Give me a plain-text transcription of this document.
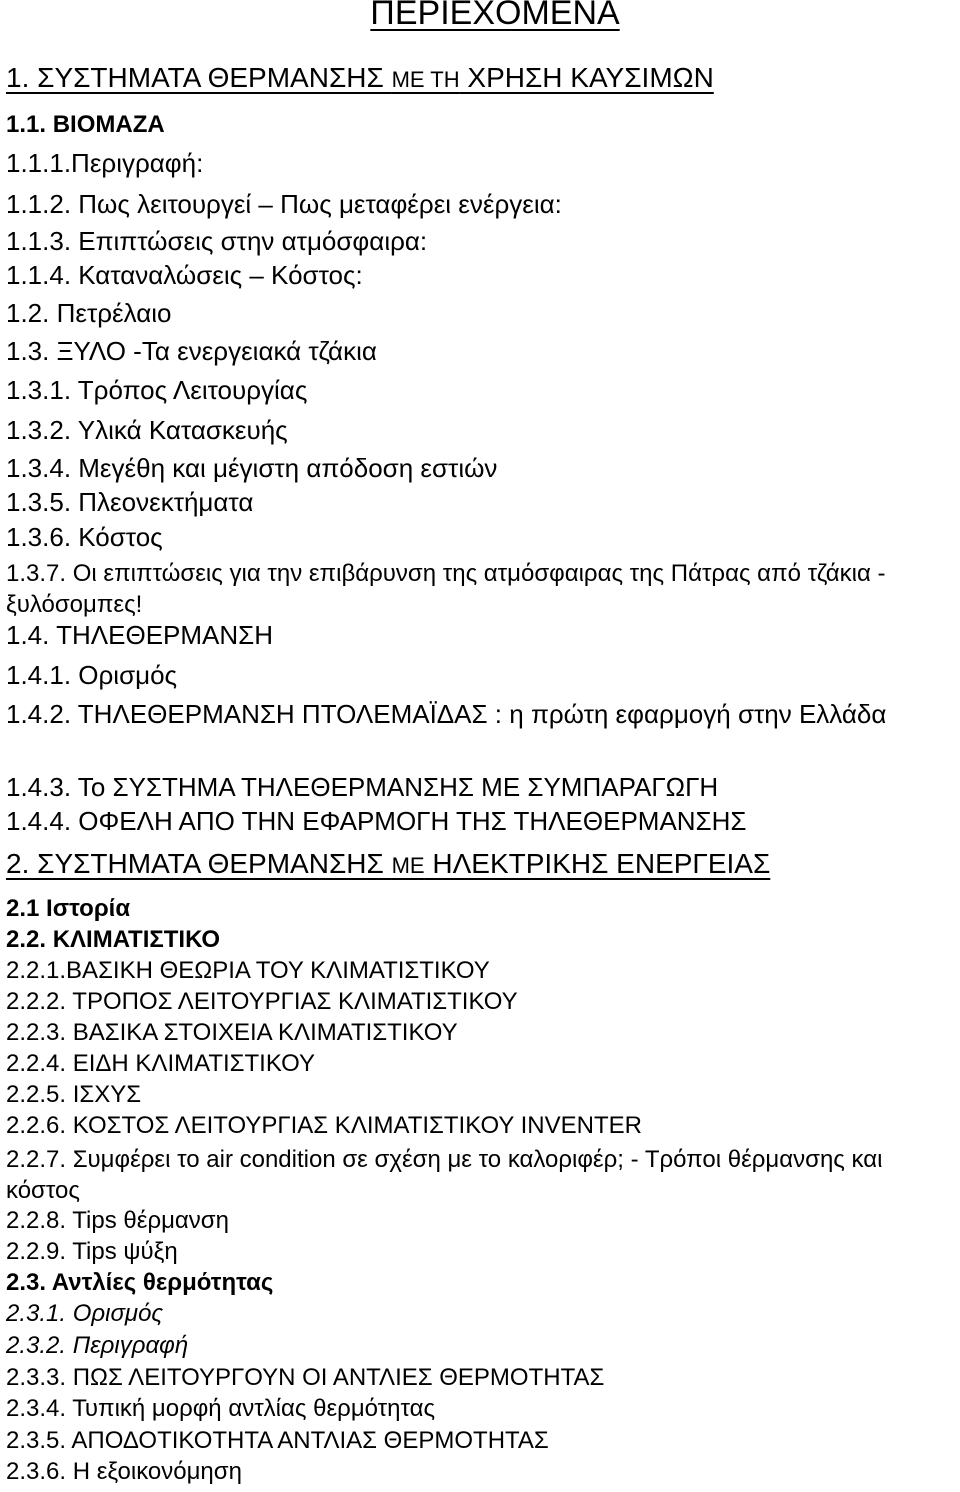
ΠΕΡΙΕΧΟΜΕΝΑ
1. ΣΥΣΤΗΜΑΤΑ ΘΕΡΜΑΝΣΗΣ ΜΕ ΤΗ ΧΡΗΣΗ ΚΑΥΣΙΜΩΝ
1.1. ΒΙΟΜΑΖΑ
1.1.1.Περιγραφή:
1.1.2. Πως λειτουργεί – Πως μεταφέρει ενέργεια:
1.1.3. Επιπτώσεις στην ατμόσφαιρα:
1.1.4. Καταναλώσεις – Κόστος:
1.2. Πετρέλαιο
1.3. ΞΥΛΟ -Τα ενεργειακά τζάκια
1.3.1. Τρόπος Λειτουργίας
1.3.2. Υλικά Κατασκευής
1.3.4. Μεγέθη και μέγιστη απόδοση εστιών
1.3.5. Πλεονεκτήματα
1.3.6. Κόστος
1.3.7. Οι επιπτώσεις για την επιβάρυνση της ατμόσφαιρας της Πάτρας από τζάκια - ξυλόσομπες!
1.4. ΤΗΛΕΘΕΡΜΑΝΣΗ
1.4.1. Ορισμός
1.4.2. ΤΗΛΕΘΕΡΜΑΝΣΗ ΠΤΟΛΕΜΑΪΔΑΣ : η πρώτη εφαρμογή στην Ελλάδα
1.4.3. Το ΣΥΣΤΗΜΑ ΤΗΛΕΘΕΡΜΑΝΣΗΣ ΜΕ ΣΥΜΠΑΡΑΓΩΓΗ
1.4.4. ΟΦΕΛΗ ΑΠΟ ΤΗΝ ΕΦΑΡΜΟΓΗ ΤΗΣ ΤΗΛΕΘΕΡΜΑΝΣΗΣ
2. ΣΥΣΤΗΜΑΤΑ ΘΕΡΜΑΝΣΗΣ ΜΕ ΗΛΕΚΤΡΙΚΗΣ ΕΝΕΡΓΕΙΑΣ
2.1 Ιστορία
2.2. ΚΛΙΜΑΤΙΣΤΙΚΟ
2.2.1.ΒΑΣΙΚΗ ΘΕΩΡΙΑ ΤΟΥ ΚΛΙΜΑΤΙΣΤΙΚΟΥ
2.2.2. ΤΡΟΠΟΣ ΛΕΙΤΟΥΡΓΙΑΣ ΚΛΙΜΑΤΙΣΤΙΚΟΥ
2.2.3. ΒΑΣΙΚΑ ΣΤΟΙΧΕΙΑ ΚΛΙΜΑΤΙΣΤΙΚΟΥ
2.2.4. ΕΙΔΗ ΚΛΙΜΑΤΙΣΤΙΚΟΥ
2.2.5. ΙΣΧΥΣ
2.2.6. ΚΟΣΤΟΣ ΛΕΙΤΟΥΡΓΙΑΣ ΚΛΙΜΑΤΙΣΤΙΚΟΥ INVENTER
2.2.7. Συμφέρει το air condition σε σχέση με το καλοριφέρ; - Τρόποι θέρμανσης και κόστος
2.2.8. Tips θέρμανση
2.2.9. Tips ψύξη
2.3. Αντλίες θερμότητας
2.3.1. Ορισμός
2.3.2. Περιγραφή
2.3.3. ΠΩΣ ΛΕΙΤΟΥΡΓΟΥΝ ΟΙ ΑΝΤΛΙΕΣ ΘΕΡΜΟΤΗΤΑΣ
2.3.4. Τυπική μορφή αντλίας θερμότητας
2.3.5. ΑΠΟΔΟΤΙΚΟΤΗΤΑ ΑΝΤΛΙΑΣ ΘΕΡΜΟΤΗΤΑΣ
2.3.6. Η εξοικονόμηση
